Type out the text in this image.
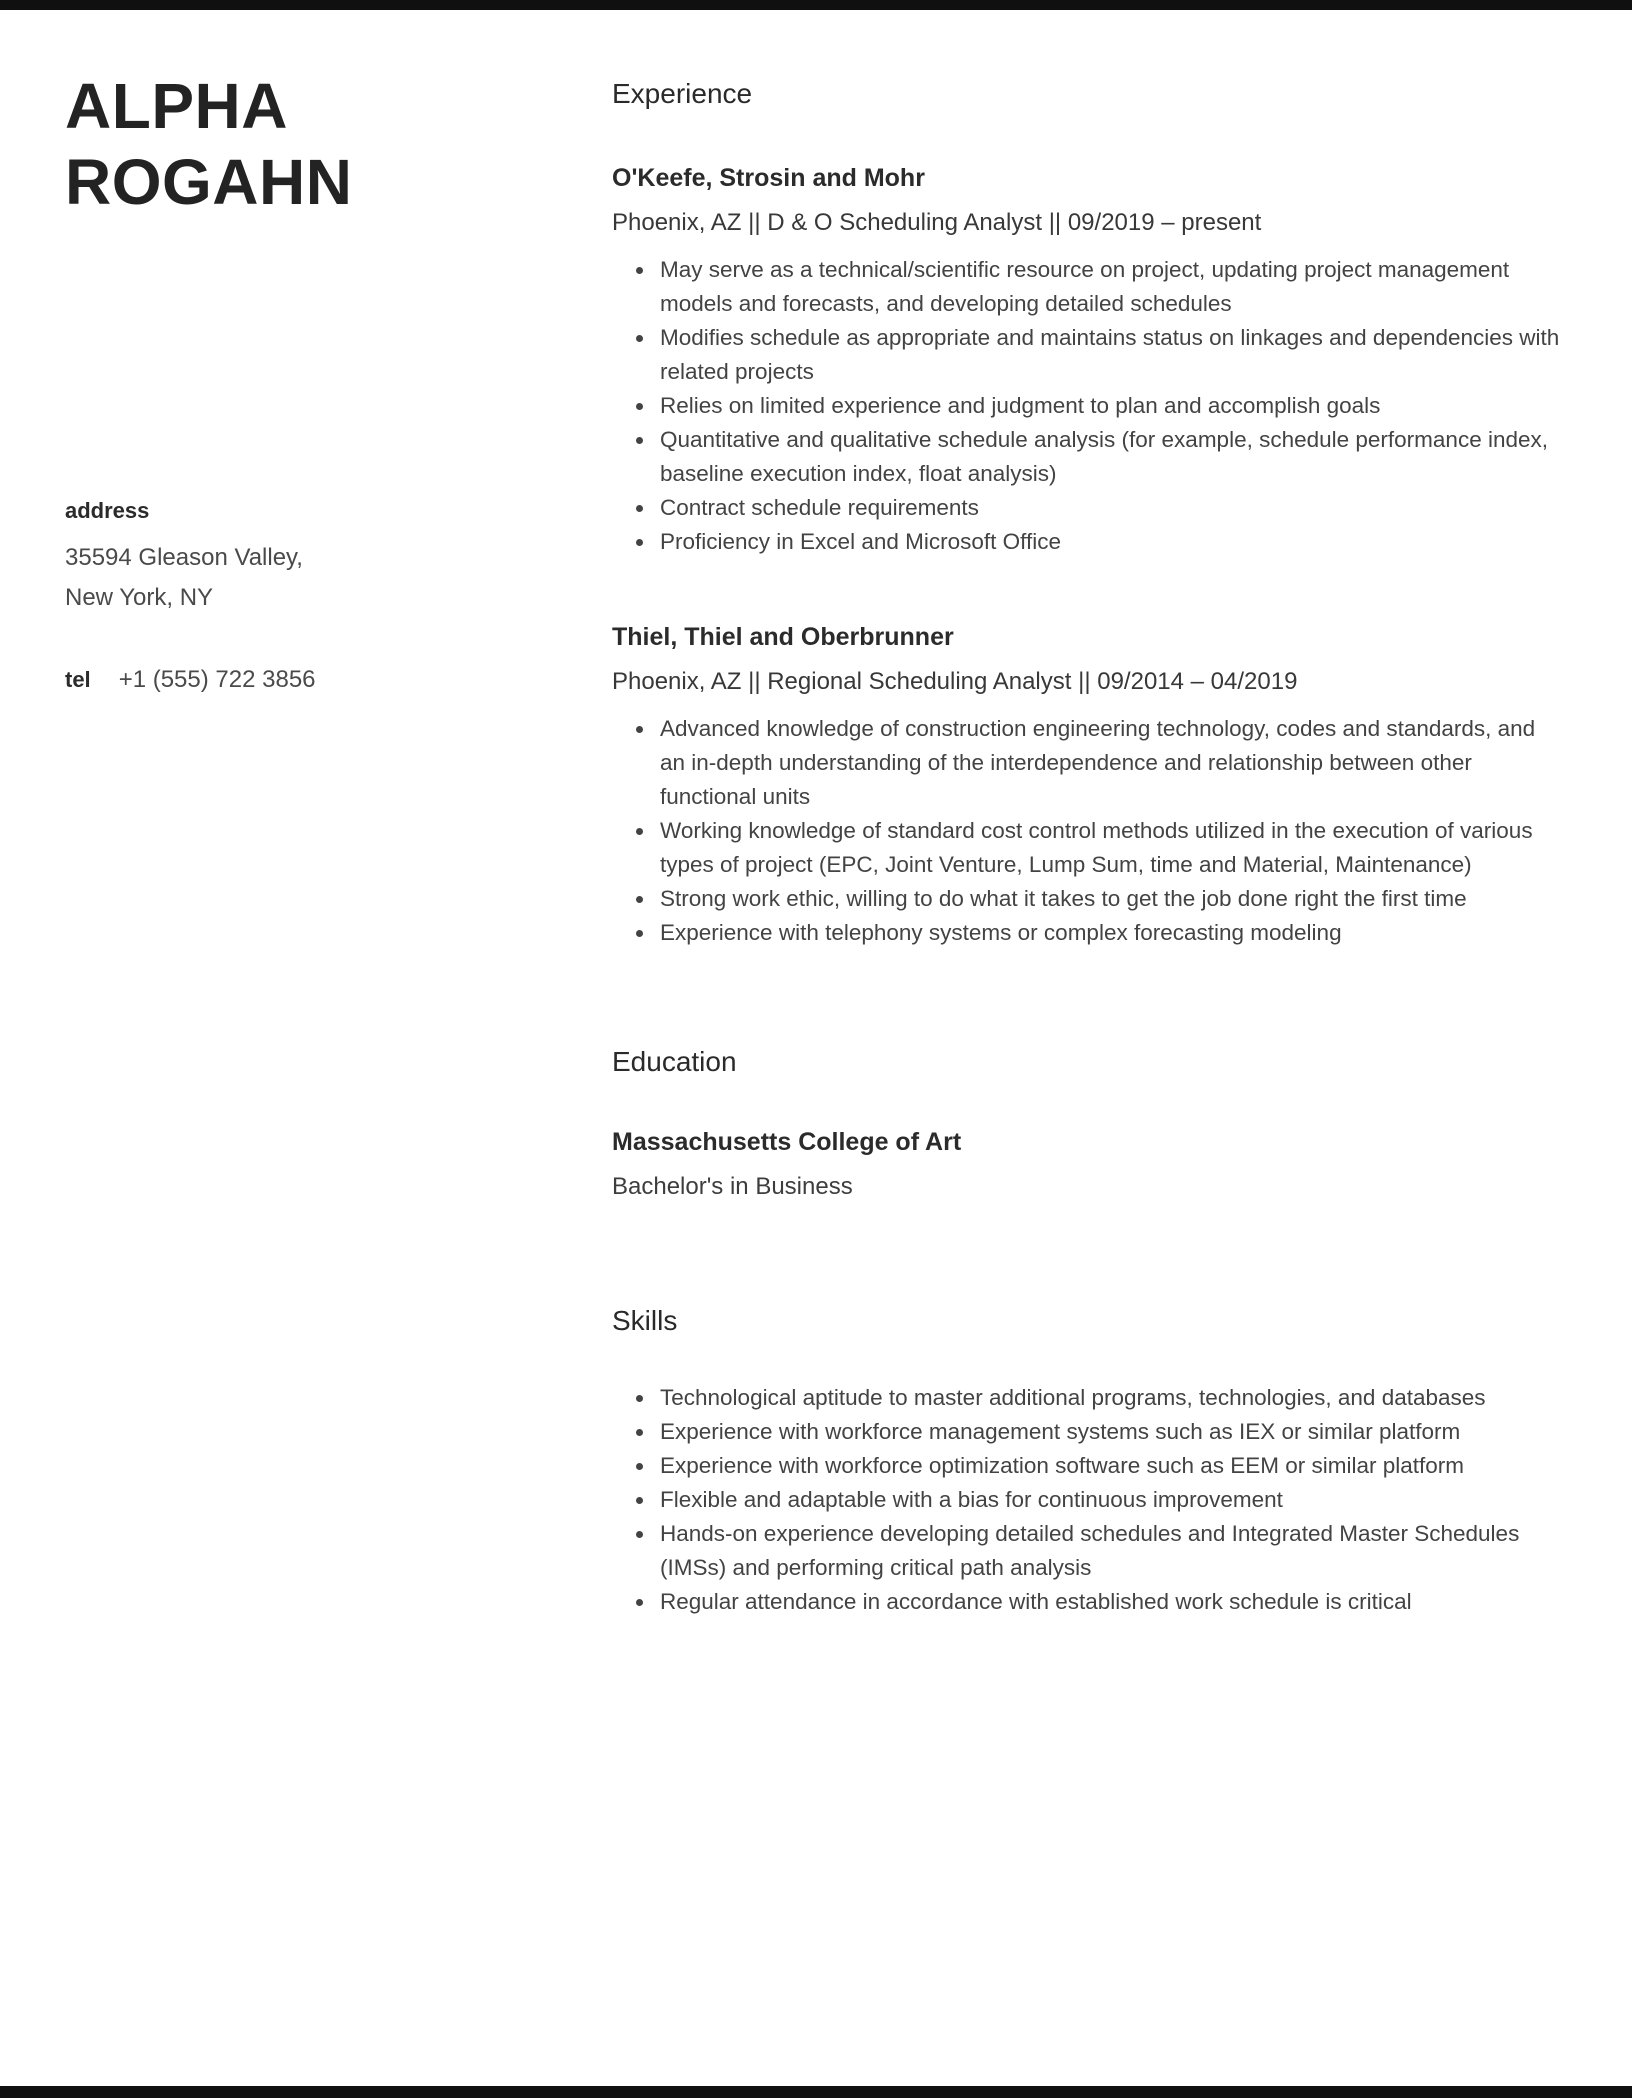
ALPHA
ROGAHN
address
35594 Gleason Valley,
New York, NY
tel +1 (555) 722 3856
Experience
O'Keefe, Strosin and Mohr
Phoenix, AZ || D & O Scheduling Analyst || 09/2019 – present
• May serve as a technical/scientific resource on project, updating project management models and forecasts, and developing detailed schedules
• Modifies schedule as appropriate and maintains status on linkages and dependencies with related projects
• Relies on limited experience and judgment to plan and accomplish goals
• Quantitative and qualitative schedule analysis (for example, schedule performance index, baseline execution index, float analysis)
• Contract schedule requirements
• Proficiency in Excel and Microsoft Office
Thiel, Thiel and Oberbrunner
Phoenix, AZ || Regional Scheduling Analyst || 09/2014 – 04/2019
• Advanced knowledge of construction engineering technology, codes and standards, and an in-depth understanding of the interdependence and relationship between other functional units
• Working knowledge of standard cost control methods utilized in the execution of various types of project (EPC, Joint Venture, Lump Sum, time and Material, Maintenance)
• Strong work ethic, willing to do what it takes to get the job done right the first time
• Experience with telephony systems or complex forecasting modeling
Education
Massachusetts College of Art
Bachelor's in Business
Skills
• Technological aptitude to master additional programs, technologies, and databases
• Experience with workforce management systems such as IEX or similar platform
• Experience with workforce optimization software such as EEM or similar platform
• Flexible and adaptable with a bias for continuous improvement
• Hands-on experience developing detailed schedules and Integrated Master Schedules (IMSs) and performing critical path analysis
• Regular attendance in accordance with established work schedule is critical
